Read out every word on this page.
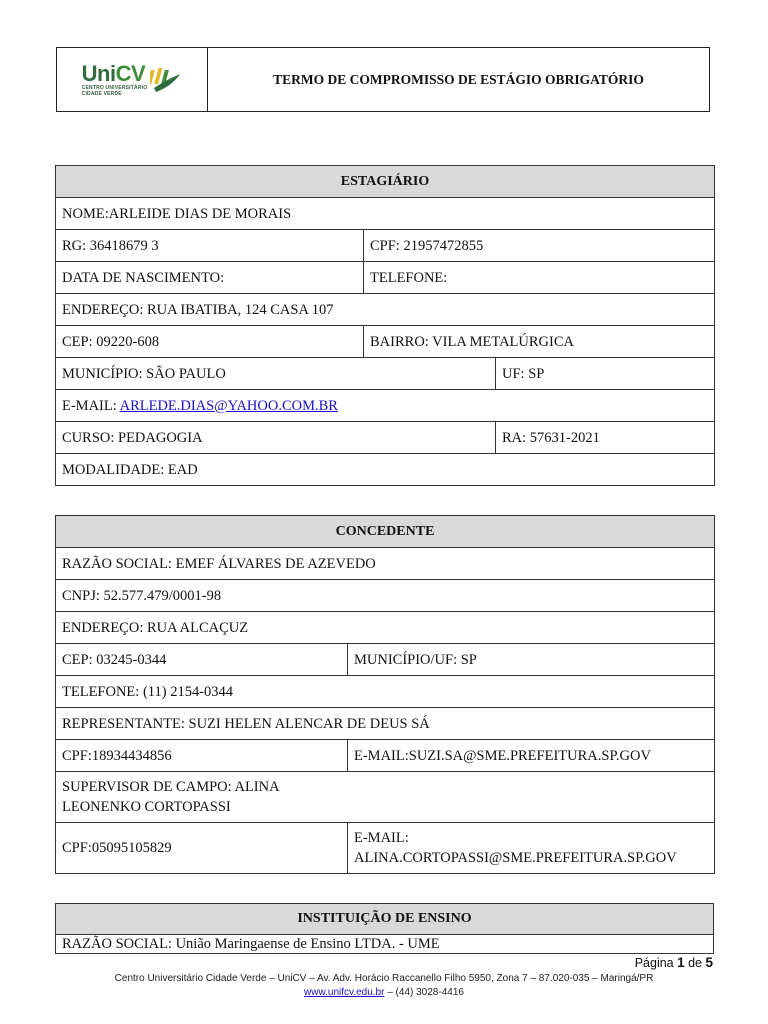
UniCV
CENTRO UNIVERSITÁRIO
CIDADE VERDE
TERMO DE COMPROMISSO DE ESTÁGIO OBRIGATÓRIO
ESTAGIÁRIO		
NOME:ARLEIDE DIAS DE MORAIS		
RG: 36418679 3	CPF: 21957472855	
DATA DE NASCIMENTO:	TELEFONE:	
ENDEREÇO: RUA IBATIBA, 124 CASA 107		
CEP: 09220-608	BAIRRO: VILA METALÚRGICA	
MUNICÍPIO: SÃO PAULO		UF: SP
E-MAIL: ARLEDE.DIAS@YAHOO.COM.BR		
CURSO: PEDAGOGIA		RA: 57631-2021
MODALIDADE: EAD		
CONCEDENTE	
RAZÃO SOCIAL: EMEF ÁLVARES DE AZEVEDO	
CNPJ: 52.577.479/0001-98	
ENDEREÇO: RUA ALCAÇUZ	
CEP: 03245-0344	MUNICÍPIO/UF: SP
TELEFONE: (11) 2154-0344	
REPRESENTANTE: SUZI HELEN ALENCAR DE DEUS SÁ	
CPF:18934434856	E-MAIL:SUZI.SA@SME.PREFEITURA.SP.GOV

SUPERVISOR DE CAMPO: ALINA
LEONENKO CORTOPASSI	

CPF:05095105829	E-MAIL:
ALINA.CORTOPASSI@SME.PREFEITURA.SP.GOV
INSTITUIÇÃO DE ENSINO
RAZÃO SOCIAL: União Maringaense de Ensino LTDA. - UME
Página 1 de 5
Centro Universitário Cidade Verde – UniCV – Av. Adv. Horácio Raccanello Filho 5950, Zona 7 – 87.020-035 – Maringá/PR
www.unifcv.edu.br – (44) 3028-4416
